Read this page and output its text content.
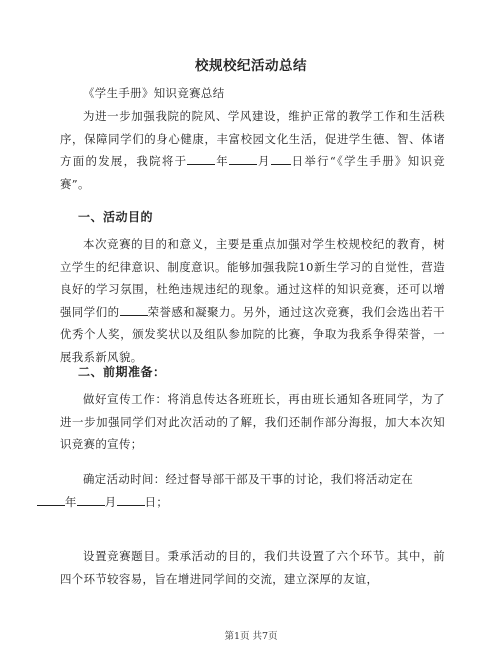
校规校纪活动总结
《学生手册》知识竞赛总结
为进一步加强我院的院风、学风建设，维护正常的教学工作和生活秩序，保障同学们的身心健康，丰富校园文化生活，促进学生德、智、体诸方面的发展，我院将于 年 月 日举行“《学生手册》知识竞赛”。
一、活动目的
本次竞赛的目的和意义，主要是重点加强对学生校规校纪的教育，树立学生的纪律意识、制度意识。能够加强我院10新生学习的自觉性，营造良好的学习氛围，杜绝违规违纪的现象。通过这样的知识竞赛，还可以增强同学们的 荣誉感和凝聚力。另外，通过这次竞赛，我们会选出若干优秀个人奖，颁发奖状以及组队参加院的比赛，争取为我系争得荣誉，一展我系新风貌。
二、前期准备：
做好宣传工作：将消息传达各班班长，再由班长通知各班同学，为了进一步加强同学们对此次活动的了解，我们还制作部分海报，加大本次知识竞赛的宣传；
确定活动时间：经过督导部干部及干事的讨论，我们将活动定在
年 月 日；
设置竞赛题目。秉承活动的目的，我们共设置了六个环节。其中，前四个环节较容易，旨在增进同学间的交流，建立深厚的友谊，
第1页 共7页
